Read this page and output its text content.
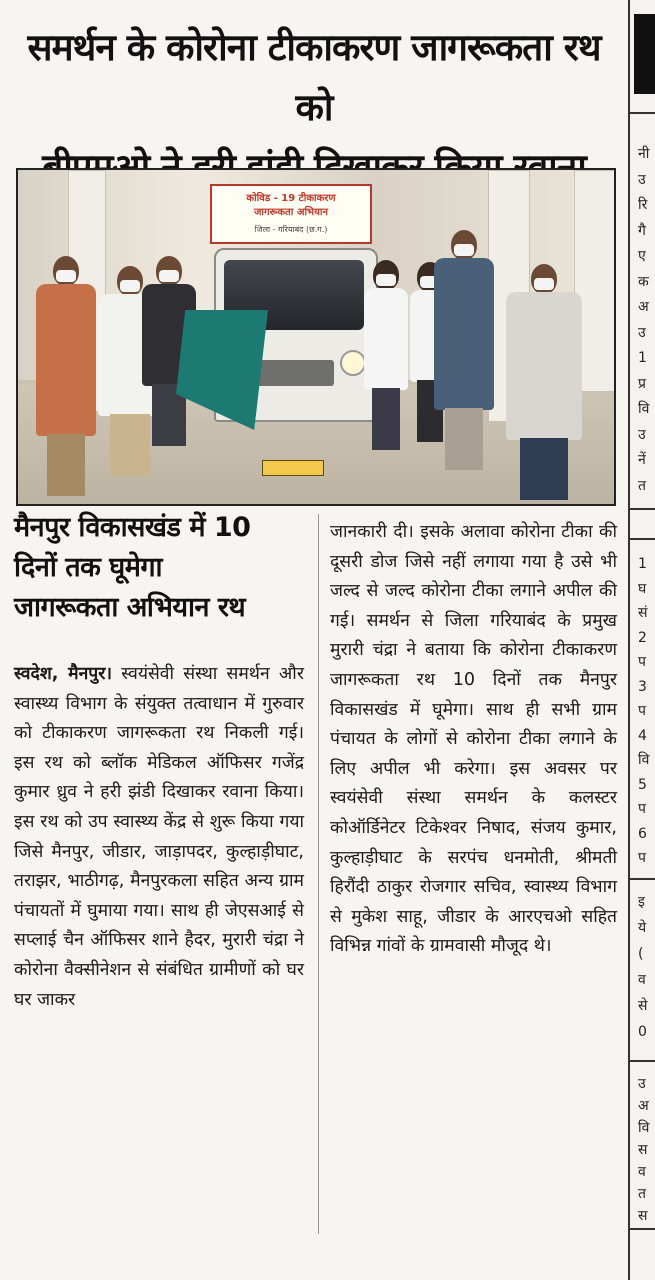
समर्थन के कोरोना टीकाकरण जागरूकता रथ को
कोविड - 19 टीकाकरण
जागरूकता अभियान
जिला - गरियाबंद (छ.ग.)
मैनपुर विकासखंड में 10
दिनों तक घूमेगा
जागरूकता अभियान रथ
स्वदेश, मैनपुर। स्वयंसेवी संस्था समर्थन और स्वास्थ्य विभाग के संयुक्त तत्वाधान में गुरुवार को टीकाकरण जागरूकता रथ निकली गई। इस रथ को ब्लॉक मेडिकल ऑफिसर गजेंद्र कुमार ध्रुव ने हरी झंडी दिखाकर रवाना किया। इस रथ को उप स्वास्थ्य केंद्र से शुरू किया गया जिसे मैनपुर, जीडार, जाड़ापदर, कुल्हाड़ीघाट, तराझर, भाठीगढ़, मैनपुरकला सहित अन्य ग्राम पंचायतों में घुमाया गया। साथ ही जेएसआई से सप्लाई चैन ऑफिसर शाने हैदर, मुरारी चंद्रा ने कोरोना वैक्सीनेशन से संबंधित ग्रामीणों को घर घर जाकर
जानकारी दी। इसके अलावा कोरोना टीका की दूसरी डोज जिसे नहीं लगाया गया है उसे भी जल्द से जल्द कोरोना टीका लगाने अपील की गई। समर्थन से जिला गरियाबंद के प्रमुख मुरारी चंद्रा ने बताया कि कोरोना टीकाकरण जागरूकता रथ 10 दिनों तक मैनपुर विकासखंड में घूमेगा। साथ ही सभी ग्राम पंचायत के लोगों से कोरोना टीका लगाने के लिए अपील भी करेगा। इस अवसर पर स्वयंसेवी संस्था समर्थन के कलस्टर कोऑर्डिनेटर टिकेश्वर निषाद, संजय कुमार, कुल्हाड़ीघाट के सरपंच धनमोती, श्रीमती हिरौंदी ठाकुर रोजगार सचिव, स्वास्थ्य विभाग से मुकेश साहू, जीडार के आरएचओ सहित विभिन्न गांवों के ग्रामवासी मौजूद थे।
नी
उ
रि
गै
ए
क
अ
उ
1
प्र
वि
उ
नें
त
1
घ
सं
2
प
3
प
4
वि
5
प
6
प
इ
ये
(
व
से
0
उ
अ
वि
स
व
त
स
